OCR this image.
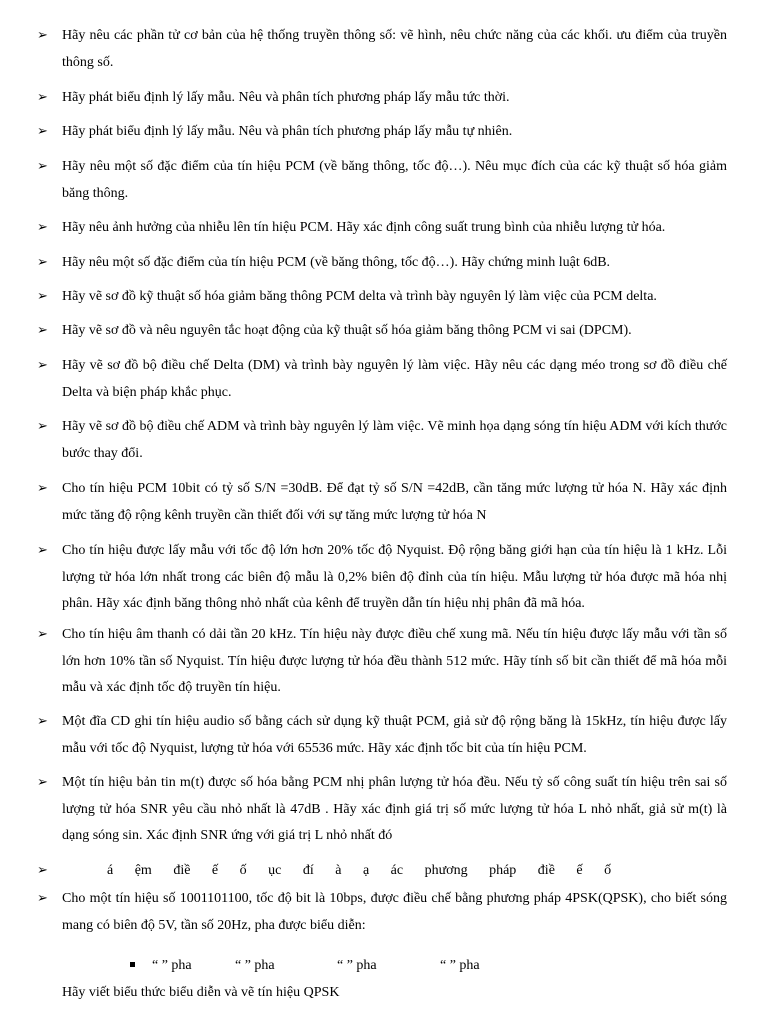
➢ Hãy nêu các phần tử cơ bản của hệ thống truyền thông số: vẽ hình, nêu chức năng của các khối. ưu điểm của truyền thông số.
➢ Hãy phát biểu định lý lấy mẫu. Nêu và phân tích phương pháp lấy mẫu tức thời.
➢ Hãy phát biểu định lý lấy mẫu. Nêu và phân tích phương pháp lấy mẫu tự nhiên.
➢ Hãy nêu một số đặc điểm của tín hiệu PCM (về băng thông, tốc độ…). Nêu mục đích của các kỹ thuật số hóa giảm băng thông.
➢ Hãy nêu ảnh hưởng của nhiễu lên tín hiệu PCM. Hãy xác định công suất trung bình của nhiễu lượng tử hóa.
➢ Hãy nêu một số đặc điểm của tín hiệu PCM (về băng thông, tốc độ…). Hãy chứng minh luật 6dB.
➢ Hãy vẽ sơ đồ kỹ thuật số hóa giảm băng thông PCM delta và trình bày nguyên lý làm việc của PCM delta.
➢ Hãy vẽ sơ đồ và nêu nguyên tắc hoạt động của kỹ thuật số hóa giảm băng thông PCM vi sai (DPCM).
➢ Hãy vẽ sơ đồ bộ điều chế Delta (DM) và trình bày nguyên lý làm việc. Hãy nêu các dạng méo trong sơ đồ điều chế Delta và biện pháp khắc phục.
➢ Hãy vẽ sơ đồ bộ điều chế ADM và trình bày nguyên lý làm việc. Vẽ minh họa dạng sóng tín hiệu ADM với kích thước bước thay đổi.
➢ Cho tín hiệu PCM 10bit có tỷ số S/N =30dB. Để đạt tỷ số S/N =42dB, cần tăng mức lượng tử hóa N. Hãy xác định mức tăng độ rộng kênh truyền cần thiết đối với sự tăng mức lượng tử hóa N
➢ Cho tín hiệu được lấy mẫu với tốc độ lớn hơn 20% tốc độ Nyquist. Độ rộng băng giới hạn của tín hiệu là 1 kHz. Lỗi lượng tử hóa lớn nhất trong các biên độ mẫu là 0,2% biên độ đỉnh của tín hiệu. Mẫu lượng tử hóa được mã hóa nhị phân. Hãy xác định băng thông nhỏ nhất của kênh để truyền dẫn tín hiệu nhị phân đã mã hóa.
➢ Cho tín hiệu âm thanh có dải tần 20 kHz. Tín hiệu này được điều chế xung mã. Nếu tín hiệu được lấy mẫu với tần số lớn hơn 10% tần số Nyquist. Tín hiệu được lượng tử hóa đều thành 512 mức. Hãy tính số bit cần thiết để mã hóa mỗi mẫu và xác định tốc độ truyền tín hiệu.
➢ Một đĩa CD ghi tín hiệu audio số bằng cách sử dụng kỹ thuật PCM, giả sử độ rộng băng là 15kHz, tín hiệu được lấy mẫu với tốc độ Nyquist, lượng tử hóa với 65536 mức. Hãy xác định tốc bit của tín hiệu PCM.
➢ Một tín hiệu bản tin m(t) được số hóa bằng PCM nhị phân lượng tử hóa đều. Nếu tỷ số công suất tín hiệu trên sai số lượng tử hóa SNR yêu cầu nhỏ nhất là 47dB . Hãy xác định giá trị số mức lượng tử hóa L nhỏ nhất, giả sử m(t) là dạng sóng sin. Xác định SNR ứng với giá trị L nhỏ nhất đó
➢	á ệm điề ế ố ục đí à ạ ác phương pháp điề ế ố
➢ Cho một tín hiệu số 1001101100, tốc độ bit là 10bps, được điều chế bằng phương pháp 4PSK(QPSK), cho biết sóng mang có biên độ 5V, tần số 20Hz, pha được biểu diễn:
“ ” pha	“ ” pha	“ ” pha	“ ” pha
Hãy viết biểu thức biểu diễn và vẽ tín hiệu QPSK
